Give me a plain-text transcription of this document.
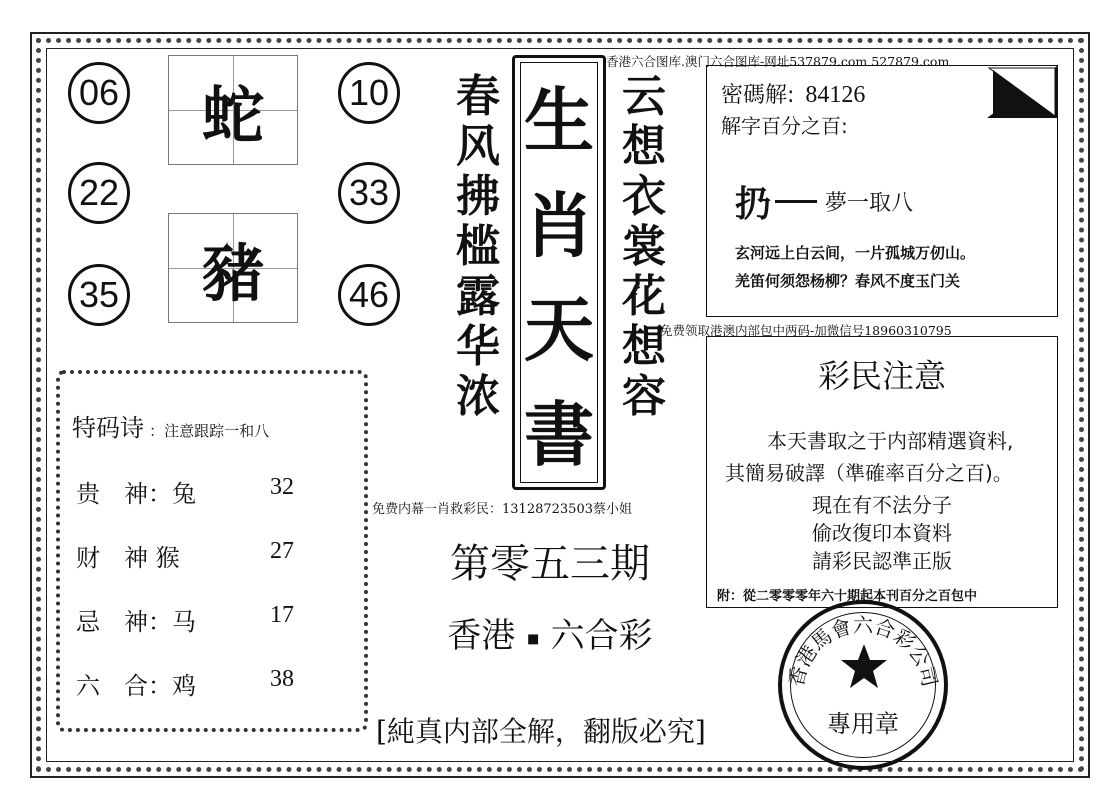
香港六合图库.澳门六合图库-网址537879.com 527879.com
06	10
22	33
35	46
蛇
豬
春
风
拂
槛
露
华
浓
生
肖
天
書
云
想
衣
裳
花
想
容
密碼解: 84126
解字百分之百:
扔 夢一取八
玄河远上白云间，一片孤城万仞山。
羌笛何须怨杨柳？春风不度玉门关
免费领取港澳内部包中两码-加微信号18960310795
彩民注意
本天書取之于内部精選資料,
其簡易破譯（準確率百分之百)。
現在有不法分子
偷改復印本資料
請彩民認準正版
附：從二零零零年六十期起本刊百分之百包中
特码诗 ：注意跟踪一和八
贵　神：兔	32
财　神 猴	27
忌　神：马	17
六　合：鸡	38
免费内幕一肖救彩民：13128723503蔡小姐
第零五三期
香港 ▪ 六合彩
[純真内部全解，翻版必究]
香港馬會六合彩公司
專用章
